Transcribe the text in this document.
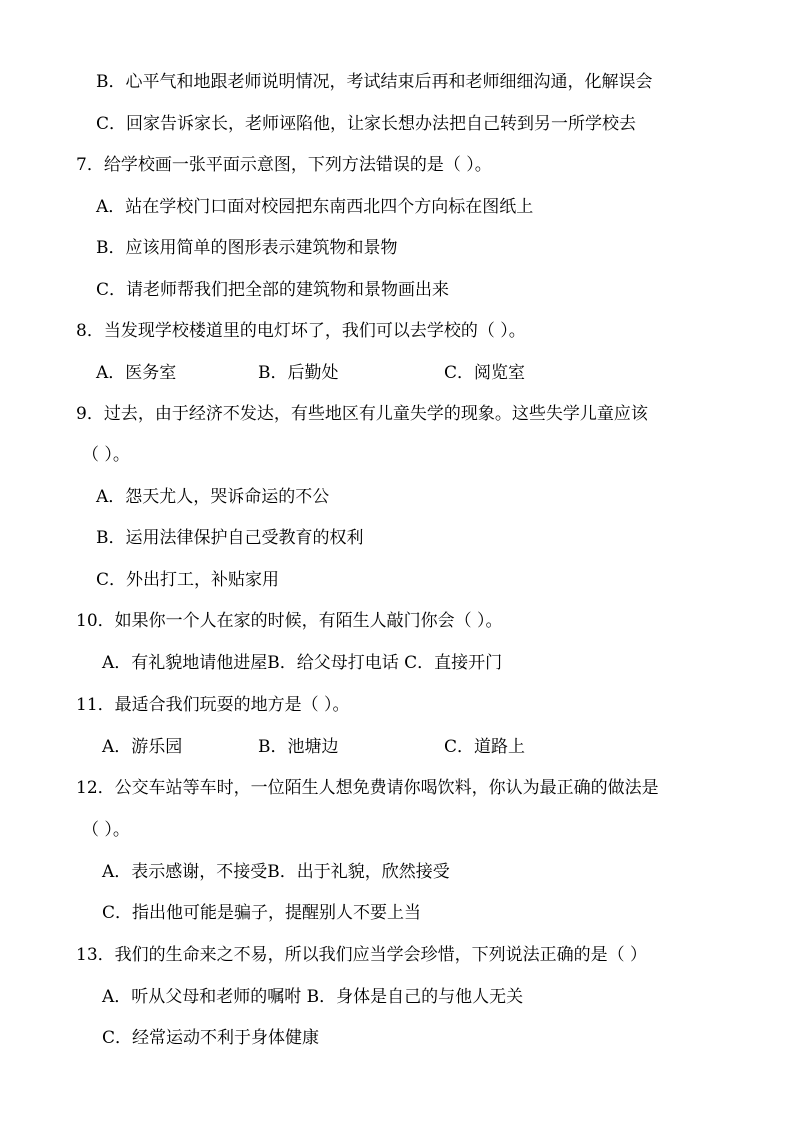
B．心平气和地跟老师说明情况，考试结束后再和老师细细沟通，化解误会
C．回家告诉家长，老师诬陷他，让家长想办法把自己转到另一所学校去
7．给学校画一张平面示意图，下列方法错误的是（ ）。
A．站在学校门口面对校园把东南西北四个方向标在图纸上
B．应该用简单的图形表示建筑物和景物
C．请老师帮我们把全部的建筑物和景物画出来
8．当发现学校楼道里的电灯坏了，我们可以去学校的（ ）。
A．医务室	B．后勤处	C．阅览室
9．过去，由于经济不发达，有些地区有儿童失学的现象。这些失学儿童应该
（ ）。
A．怨天尤人，哭诉命运的不公
B．运用法律保护自己受教育的权利
C．外出打工，补贴家用
10．如果你一个人在家的时候，有陌生人敲门你会（ ）。
A．有礼貌地请他进屋B．给父母打电话 C．直接开门
11．最适合我们玩耍的地方是（ ）。
A．游乐园	B．池塘边	C．道路上
12．公交车站等车时，一位陌生人想免费请你喝饮料，你认为最正确的做法是
（ ）。
A．表示感谢，不接受B．出于礼貌，欣然接受
C．指出他可能是骗子，提醒别人不要上当
13．我们的生命来之不易，所以我们应当学会珍惜，下列说法正确的是（ ）
A．听从父母和老师的嘱咐 B．身体是自己的与他人无关
C．经常运动不利于身体健康
